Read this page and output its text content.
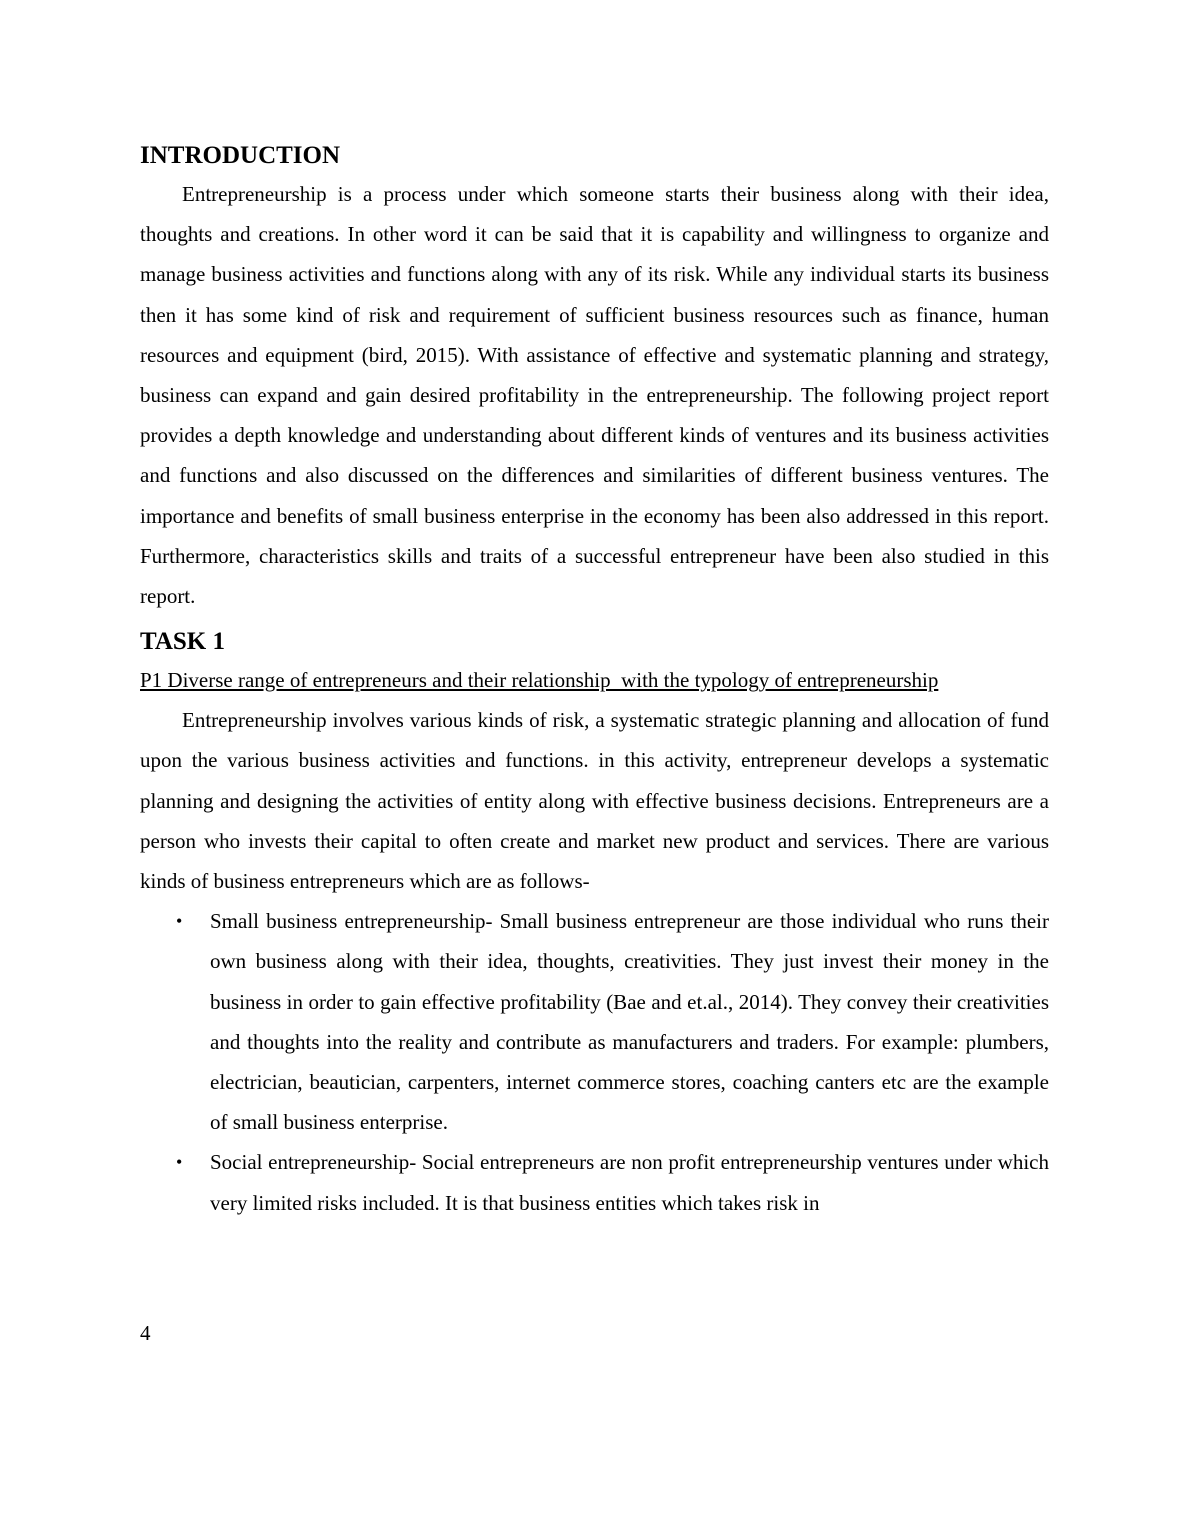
INTRODUCTION

Entrepreneurship is a process under which someone starts their business along with their idea, thoughts and creations. In other word it can be said that it is capability and willingness to organize and manage business activities and functions along with any of its risk. While any individual starts its business then it has some kind of risk and requirement of sufficient business resources such as finance, human resources and equipment (bird, 2015). With assistance of effective and systematic planning and strategy, business can expand and gain desired profitability in the entrepreneurship. The following project report provides a depth knowledge and understanding about different kinds of ventures and its business activities and functions and also discussed on the differences and similarities of different business ventures. The importance and benefits of small business enterprise in the economy has been also addressed in this report. Furthermore, characteristics skills and traits of a successful entrepreneur have been also studied in this report.

TASK 1
P1 Diverse range of entrepreneurs and their relationship  with the typology of entrepreneurship

Entrepreneurship involves various kinds of risk, a systematic strategic planning and allocation of fund upon the various business activities and functions. in this activity, entrepreneur develops a systematic planning and designing the activities of entity along with effective business decisions. Entrepreneurs are a person who invests their capital to often create and market new product and services. There are various kinds of business entrepreneurs which are as follows-

• Small business entrepreneurship- Small business entrepreneur are those individual who runs their own business along with their idea, thoughts, creativities. They just invest their money in the business in order to gain effective profitability (Bae and et.al., 2014). They convey their creativities and thoughts into the reality and contribute as manufacturers and traders. For example: plumbers, electrician, beautician, carpenters, internet commerce stores, coaching canters etc are the example of small business enterprise.
• Social entrepreneurship- Social entrepreneurs are non profit entrepreneurship ventures under which very limited risks included. It is that business entities which takes risk in
4
